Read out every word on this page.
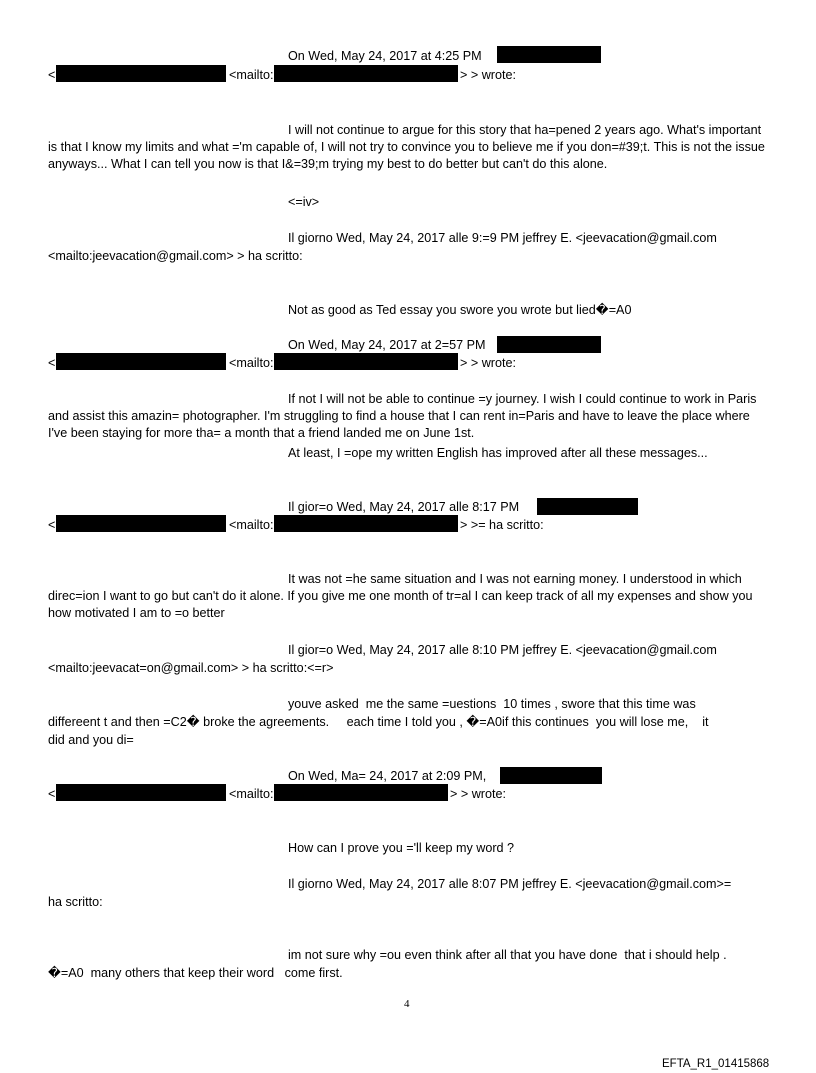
On Wed, May 24, 2017 at 4:25 PM
<	<mailto:	> > wrote:
I will not continue to argue for this story that ha=pened 2 years ago. What's important is that I know my limits and what ='m capable of, I will not try to convince you to believe me if you don=#39;t. This is not the issue anyways... What I can tell you now is that I&=39;m trying my best to do better but can't do this alone.
<=iv>
Il giorno Wed, May 24, 2017 alle 9:=9 PM jeffrey E. <jeevacation@gmail.com
<mailto:jeevacation@gmail.com> > ha scritto:
Not as good as Ted essay you swore you wrote but lied�=A0
On Wed, May 24, 2017 at 2=57 PM
<	<mailto:	> > wrote:
If not I will not be able to continue =y journey. I wish I could continue to work in Paris and assist this amazin= photographer. I'm struggling to find a house that I can rent in=Paris and have to leave the place where I've been staying for more tha= a month that a friend landed me on June 1st.
At least, I =ope my written English has improved after all these messages...
Il gior=o Wed, May 24, 2017 alle 8:17 PM
<	<mailto:	> >= ha scritto:
It was not =he same situation and I was not earning money. I understood in which direc=ion I want to go but can't do it alone. If you give me one month of tr=al I can keep track of all my expenses and show you how motivated I am to =o better
Il gior=o Wed, May 24, 2017 alle 8:10 PM jeffrey E. <jeevacation@gmail.com
<mailto:jeevacat=on@gmail.com> > ha scritto:<=r>
youve asked  me the same =uestions  10 times , swore that this time was
differeent t and then =C2� broke the agreements.     each time I told you , �=A0if this continues  you will lose me,    it
did and you di=
On Wed, Ma= 24, 2017 at 2:09 PM,
<	<mailto:	> > wrote:
How can I prove you ='ll keep my word ?
Il giorno Wed, May 24, 2017 alle 8:07 PM jeffrey E. <jeevacation@gmail.com>=
ha scritto:
im not sure why =ou even think after all that you have done  that i should help .
�=A0  many others that keep their word   come first.
4
EFTA_R1_01415868
